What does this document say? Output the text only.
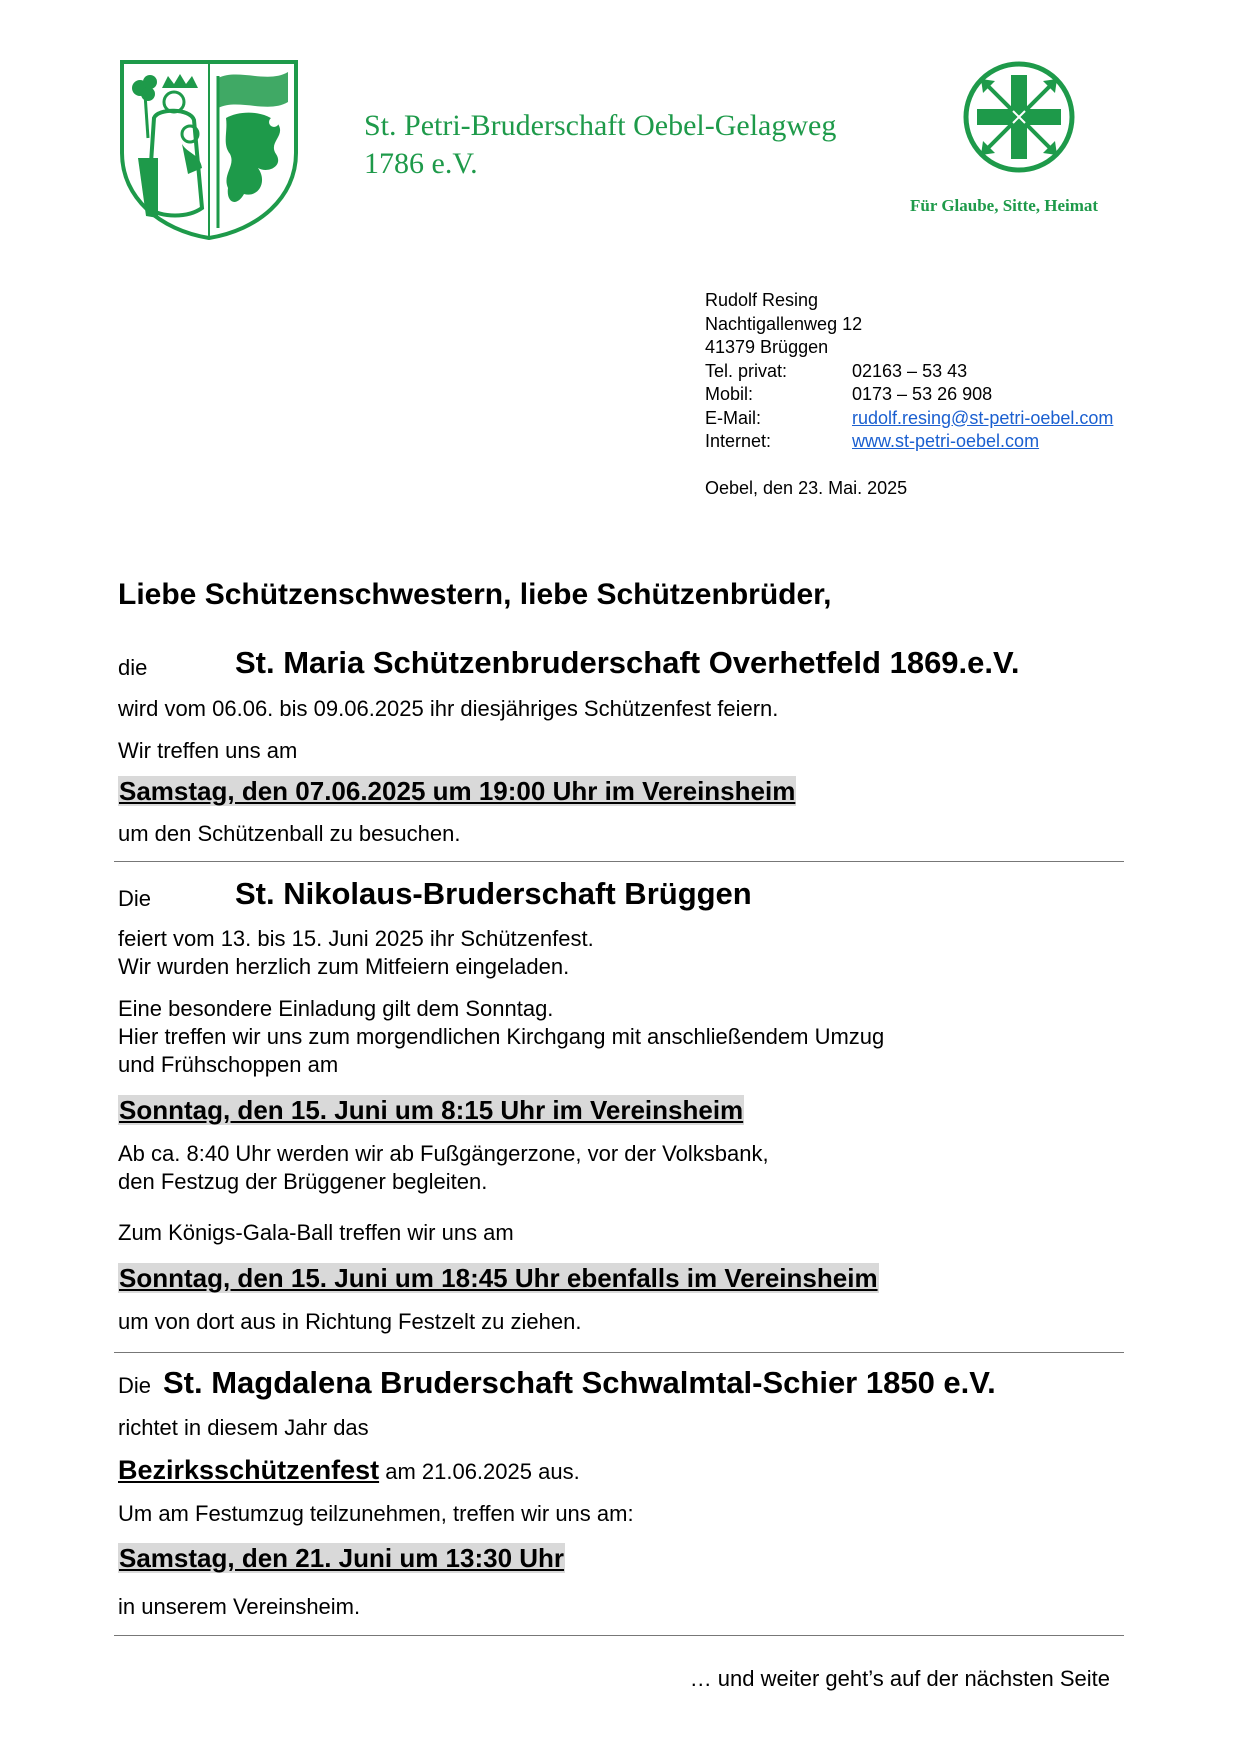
St. Petri-Bruderschaft Oebel-Gelagweg
1786 e.V.
Für Glaube, Sitte, Heimat
Rudolf Resing
Nachtigallenweg 12
41379 Brüggen
Tel. privat:	02163 – 53 43
Mobil:	0173 – 53 26 908
E-Mail:	rudolf.resing@st-petri-oebel.com
Internet:	www.st-petri-oebel.com
Oebel, den 23. Mai. 2025
Liebe Schützenschwestern, liebe Schützenbrüder,
die	St. Maria Schützenbruderschaft Overhetfeld 1869.e.V.
wird vom 06.06. bis 09.06.2025 ihr diesjähriges Schützenfest feiern.
Wir treffen uns am
Samstag, den 07.06.2025 um 19:00 Uhr im Vereinsheim
um den Schützenball zu besuchen.
Die	St. Nikolaus-Bruderschaft Brüggen
feiert vom 13. bis 15. Juni 2025 ihr Schützenfest.
Wir wurden herzlich zum Mitfeiern eingeladen.
Eine besondere Einladung gilt dem Sonntag.
Hier treffen wir uns zum morgendlichen Kirchgang mit anschließendem Umzug
und Frühschoppen am
Sonntag, den 15. Juni um 8:15 Uhr im Vereinsheim
Ab ca. 8:40 Uhr werden wir ab Fußgängerzone, vor der Volksbank,
den Festzug der Brüggener begleiten.
Zum Königs-Gala-Ball treffen wir uns am
Sonntag, den 15. Juni um 18:45 Uhr ebenfalls im Vereinsheim
um von dort aus in Richtung Festzelt zu ziehen.
Die St. Magdalena Bruderschaft Schwalmtal-Schier 1850 e.V.
richtet in diesem Jahr das
Bezirksschützenfest am 21.06.2025 aus.
Um am Festumzug teilzunehmen, treffen wir uns am:
Samstag, den 21. Juni um 13:30 Uhr
in unserem Vereinsheim.
… und weiter geht’s auf der nächsten Seite
